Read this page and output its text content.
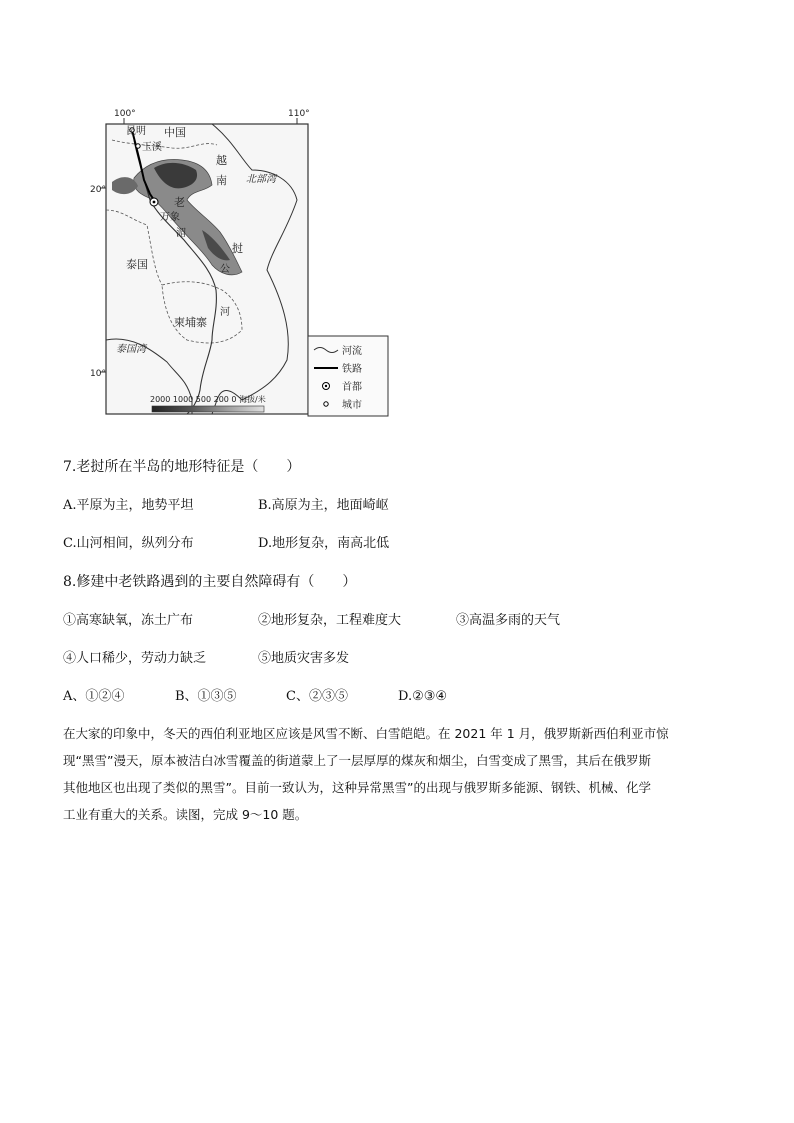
100°	110°
20°
10°
昆明 中国
玉溪
越
南 北部湾
万象
老
挝
湄
公
河
泰国
柬埔寨
泰国湾
2000 1000 500 200 0 海拔/米
河流
铁路
首都
城市
7.老挝所在半岛的地形特征是（　　）
A.平原为主，地势平坦	B.高原为主，地面崎岖
C.山河相间，纵列分布	D.地形复杂，南高北低
8.修建中老铁路遇到的主要自然障碍有（　　）
①高寒缺氧，冻土广布	②地形复杂，工程难度大	③高温多雨的天气
④人口稀少，劳动力缺乏	⑤地质灾害多发
A、①②④	B、①③⑤	C、②③⑤	D.②③④
在大家的印象中，冬天的西伯利亚地区应该是风雪不断、白雪皑皑。在 2021 年 1 月，俄罗斯新西伯利亚市惊
现“黑雪”漫天，原本被洁白冰雪覆盖的街道蒙上了一层厚厚的煤灰和烟尘，白雪变成了黑雪，其后在俄罗斯
其他地区也出现了类似的黑雪”。目前一致认为，这种异常黑雪”的出现与俄罗斯多能源、钢铁、机械、化学
工业有重大的关系。读图，完成 9～10 题。
